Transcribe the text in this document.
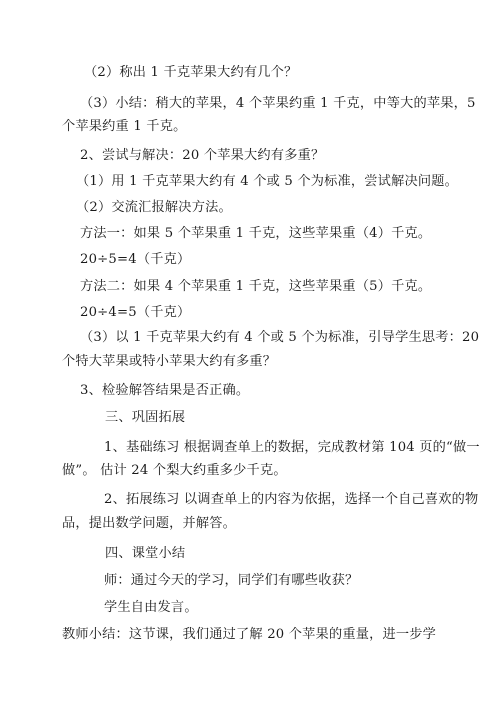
（2）称出 1 千克苹果大约有几个？
（3）小结：稍大的苹果，4 个苹果约重 1 千克，中等大的苹果，5
个苹果约重 1 千克。
2、尝试与解决：20 个苹果大约有多重？
（1）用 1 千克苹果大约有 4 个或 5 个为标准，尝试解决问题。
（2）交流汇报解决方法。
方法一：如果 5 个苹果重 1 千克，这些苹果重（4）千克。
20÷5=4（千克）
方法二：如果 4 个苹果重 1 千克，这些苹果重（5）千克。
20÷4=5（千克）
（3）以 1 千克苹果大约有 4 个或 5 个为标准，引导学生思考：20
个特大苹果或特小苹果大约有多重？
3、检验解答结果是否正确。
三、巩固拓展
1、基础练习 根据调查单上的数据，完成教材第 104 页的“做一
做”。 估计 24 个梨大约重多少千克。
2、拓展练习 以调查单上的内容为依据，选择一个自己喜欢的物
品，提出数学问题，并解答。
四、课堂小结
师：通过今天的学习，同学们有哪些收获？
学生自由发言。
教师小结：这节课，我们通过了解 20 个苹果的重量，进一步学
